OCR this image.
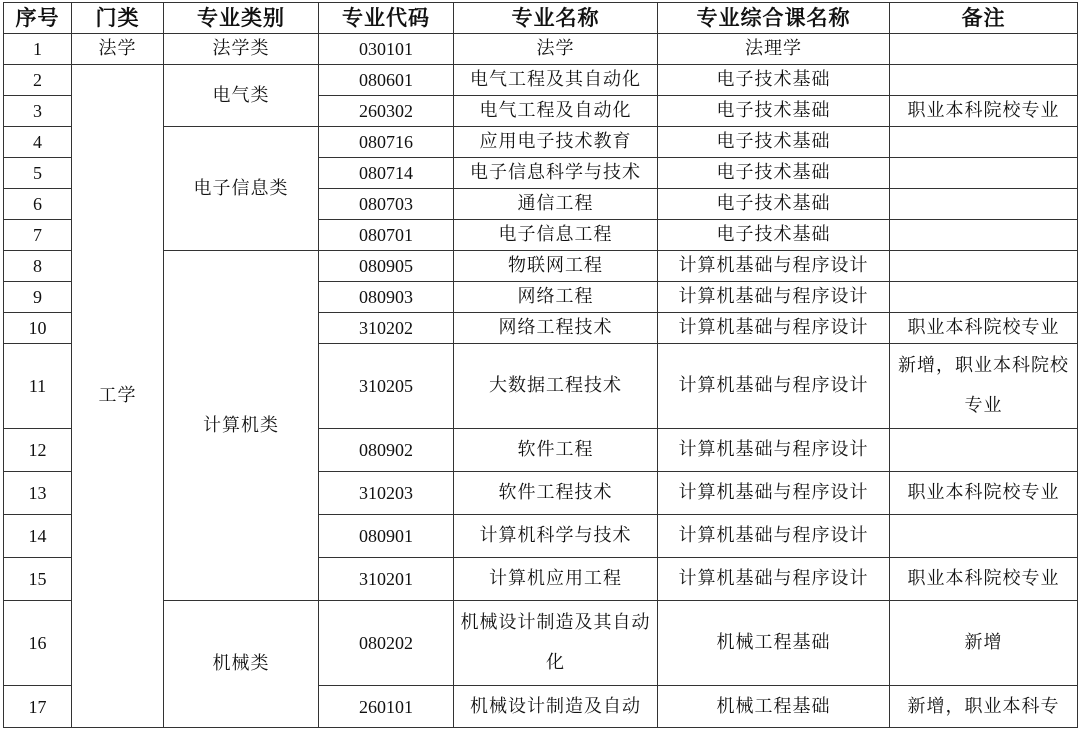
序号	门类	专业类别	专业代码	专业名称	专业综合课名称	备注
1	法学	法学类	030101	法学	法理学	
2	工学	电气类	080601	电气工程及其自动化	电子技术基础	
3			260302	电气工程及自动化	电子技术基础	职业本科院校专业
4		电子信息类	080716	应用电子技术教育	电子技术基础	
5			080714	电子信息科学与技术	电子技术基础	
6			080703	通信工程	电子技术基础	
7			080701	电子信息工程	电子技术基础	
8		计算机类	080905	物联网工程	计算机基础与程序设计	
9			080903	网络工程	计算机基础与程序设计	
10			310202	网络工程技术	计算机基础与程序设计	职业本科院校专业
11			310205	大数据工程技术	计算机基础与程序设计	新增，职业本科院校专业
12			080902	软件工程	计算机基础与程序设计	
13			310203	软件工程技术	计算机基础与程序设计	职业本科院校专业
14			080901	计算机科学与技术	计算机基础与程序设计	
15			310201	计算机应用工程	计算机基础与程序设计	职业本科院校专业
16		机械类	080202	机械设计制造及其自动化	机械工程基础	新增
17			260101	机械设计制造及自动	机械工程基础	新增，职业本科专
